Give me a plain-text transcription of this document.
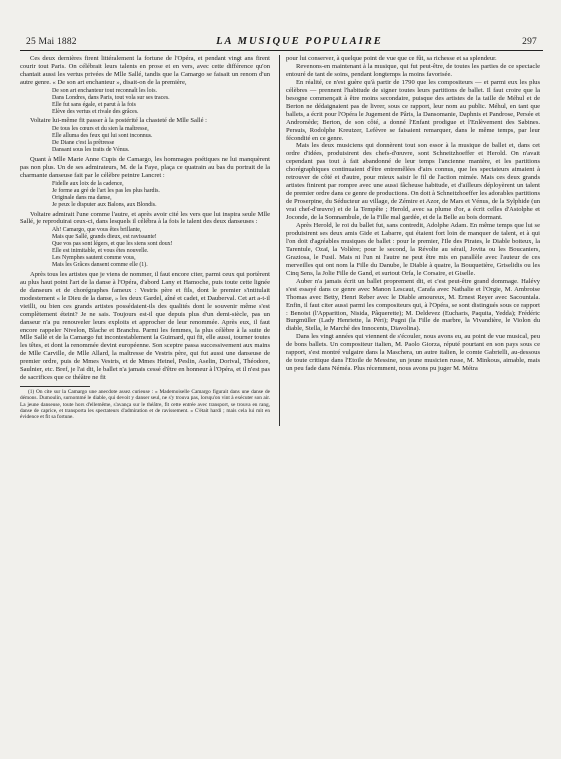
25 Mai 1882	LA MUSIQUE POPULAIRE	297

Ces deux dernières firent littéralement la fortune de l'Opéra, et pendant vingt ans firent courir tout Paris. On célébrait leurs talents en prose et en vers, avec cette différence qu'on chantait aussi les vertus privées de Mlle Sallé, tandis que la Camargo se faisait un renom d'un autre genre. « De son art enchanteur », disait-on de la première,

De son art enchanteur tout reconnaît les lois.
Dans Londres, dans Paris, tout vola sur ses traces.
Elle fut sans égale, et parut à la fois
Elève des vertus et rivale des grâces.

Voltaire lui-même fit passer à la postérité la chasteté de Mlle Sallé :

De tous les cœurs et du sien la maîtresse,
Elle alluma des feux qui lui sont inconnus.
De Diane c'est la prêtresse
Dansant sous les traits de Vénus.

Quant à Mlle Marie Anne Cupis de Camargo, les hommages poétiques ne lui manquèrent pas non plus. Un de ses admirateurs, M. de la Faye, plaça ce quatrain au bas du portrait de la charmante danseuse fait par le célèbre peintre Lancret :

Fidelle aux loix de la cadence,
Je forme au gré de l'art les pas les plus hardis.
Originale dans ma danse,
Je peux le disputer aux Balons, aux Blondis.

Voltaire admirait l'une comme l'autre, et après avoir cité les vers que lui inspira seule Mlle Sallé, je reproduirai ceux-ci, dans lesquels il célébra à la fois le talent des deux danseuses :

Ah! Camargo, que vous êtes brillante,
Mais que Sallé, grands dieux, est ravissante!
Que vos pas sont légers, et que les siens sont doux!
Elle est inimitable, et vous êtes nouvelle.
Les Nymphes sautent comme vous,
Mais les Grâces dansent comme elle (1).

Après tous les artistes que je viens de nommer, il faut encore citer, parmi ceux qui portèrent au plus haut point l'art de la danse à l'Opéra, d'abord Lany et Hamoche, puis toute cette lignée de danseurs et de chorégraphes fameux : Vestris père et fils, dont le premier s'intitulait modestement « le Dieu de la danse, » les deux Gardel, aîné et cadet, et Dauberval. Cet art a-t-il vieilli, ou bien ces grands artistes possédaient-ils des qualités dont le souvenir même s'est complètement éteint? Je ne sais. Toujours est-il que depuis plus d'un demi-siècle, pas un danseur n'a pu renouveler leurs exploits et approcher de leur renommée. Après eux, il faut encore rappeler Nivelon, Blache et Branchu. Parmi les femmes, la plus célèbre à la suite de Mlle Sallé et de la Camargo fut incontestablement la Guimard, qui fit, elle aussi, tourner toutes les têtes, et dont la renommée devint européenne. Son sceptre passa successivement aux mains de Mlle Carville, de Mlle Allard, la maîtresse de Vestris père, qui fut aussi une danseuse de premier ordre, puis de Mmes Vestris, et de Mmes Heinel, Peslin, Aselin, Dorival, Théodore, Saulnier, etc. Bref, je l'ai dit, le ballet n'a jamais cessé d'être en honneur à l'Opéra, et il n'est pas de sacrifices que ce théâtre ne fit

(1) On cite sur la Camargo une anecdote assez curieuse : « Mademoiselle Camargo figurait dans une danse de démons. Dumoulin, surnommé le diable, qui devoit y danser seul, ne s'y trouva pas, lorsqu'on vint à exécuter son air. La jeune danseuse, toute hors d'ellemême, s'avança sur le théâtre, fit cette entrée avec transport, se trouva en rang, danse de caprice, et transporta les spectateurs d'admiration et de ravissement. » C'était hardi ; mais cela lui mit en évidence et fit sa fortune.

pour lui conserver, à quelque point de vue que ce fût, sa richesse et sa splendeur.

Revenons-en maintenant à la musique, qui fut peut-être, de toutes les parties de ce spectacle entouré de tant de soins, pendant longtemps la moins favorisée.

En réalité, ce n'est guère qu'à partir de 1790 que les compositeurs — et parmi eux les plus célèbres — prennent l'habitude de signer toutes leurs partitions de ballet. Il faut croire que la besogne commençait à être moins secondaire, puisque des artistes de la taille de Méhul et de Berton ne dédaignaient pas de livrer, sous ce rapport, leur nom au public. Méhul, en tant que ballets, a écrit pour l'Opéra le Jugement de Pâris, la Dansomanie, Daphnis et Pandrose, Persée et Andromède; Berton, de son côté, a donné l'Enfant prodigue et l'Enlèvement des Sabines. Persuis, Rodolphe Kreutzer, Lefèvre se faisaient remarquer, dans le même temps, par leur fécondité en ce genre.

Mais les deux musiciens qui donnèrent tout son essor à la musique de ballet et, dans cet ordre d'idées, produisirent des chefs-d'œuvre, sont Schneitzhoeffer et Herold. On n'avait cependant pas tout à fait abandonné de leur temps l'ancienne manière, et les partitions chorégraphiques continuaient d'être entremêlées d'airs connus, que les spectateurs aimaient à retrouver de côté et d'autre, pour mieux saisir le fil de l'action mimée. Mais ces deux grands artistes finirent par rompre avec une aussi fâcheuse habitude, et d'ailleurs déployèrent un talent de premier ordre dans ce genre de productions. On doit à Schneitzhoeffer les adorables partitions de Proserpine, du Séducteur au village, de Zémire et Azor, de Mars et Vénus, de la Sylphide (un vrai chef-d'œuvre) et de la Tempête ; Herold, avec sa plume d'or, a écrit celles d'Astolphe et Joconde, de la Somnambule, de la Fille mal gardée, et de la Belle au bois dormant.

Après Herold, le roi du ballet fut, sans contredit, Adolphe Adam. En même temps que lui se produisirent ses deux amis Gide et Labarre, qui étaient fort loin de manquer de talent, et à qui l'on doit d'agréables musiques de ballet : pour le premier, l'Ile des Pirates, le Diable boiteux, la Tarentule, Ozaï, la Volière; pour le second, la Révolte au sérail, Jovita ou les Boucaniers, Graziosa, le Fusil. Mais ni l'un ni l'autre ne peut être mis en parallèle avec l'auteur de ces merveilles qui ont nom la Fille du Danube, le Diable à quatre, la Bouquetière, Griselidis ou les Cinq Sens, la Jolie Fille de Gand, et surtout Orfa, le Corsaire, et Giselle.

Auber n'a jamais écrit un ballet proprement dit, et c'est peut-être grand dommage. Halévy s'est essayé dans ce genre avec Manon Lescaut, Carafa avec Nathalie et l'Orgie, M. Ambroise Thomas avec Betty, Henri Reber avec le Diable amoureux, M. Ernest Reyer avec Sacountala. Enfin, il faut citer aussi parmi les compositeurs qui, à l'Opéra, se sont distingués sous ce rapport : Benoist (l'Apparition, Nisida, Pâquerette); M. Deldevez (Eucharis, Paquita, Yedda); Frédéric Burgmüller (Lady Henriette, la Péri); Pugni (la Fille de marbre, la Vivandière, le Violon du diable, Stella, le Marché des Innocents, Diavolina).

Dans les vingt années qui viennent de s'écouler, nous avons eu, au point de vue musical, peu de bons ballets. Un compositeur italien, M. Paolo Giorza, réputé pourtant en son pays sous ce rapport, s'est montré vulgaire dans la Maschera, un autre italien, le comte Gabrielli, au-dessous de toute critique dans l'Etoile de Messine, un jeune musicien russe, M. Minkous, aimable, mais un peu fade dans Néméa. Plus récemment, nous avons pu juger M. Métra
